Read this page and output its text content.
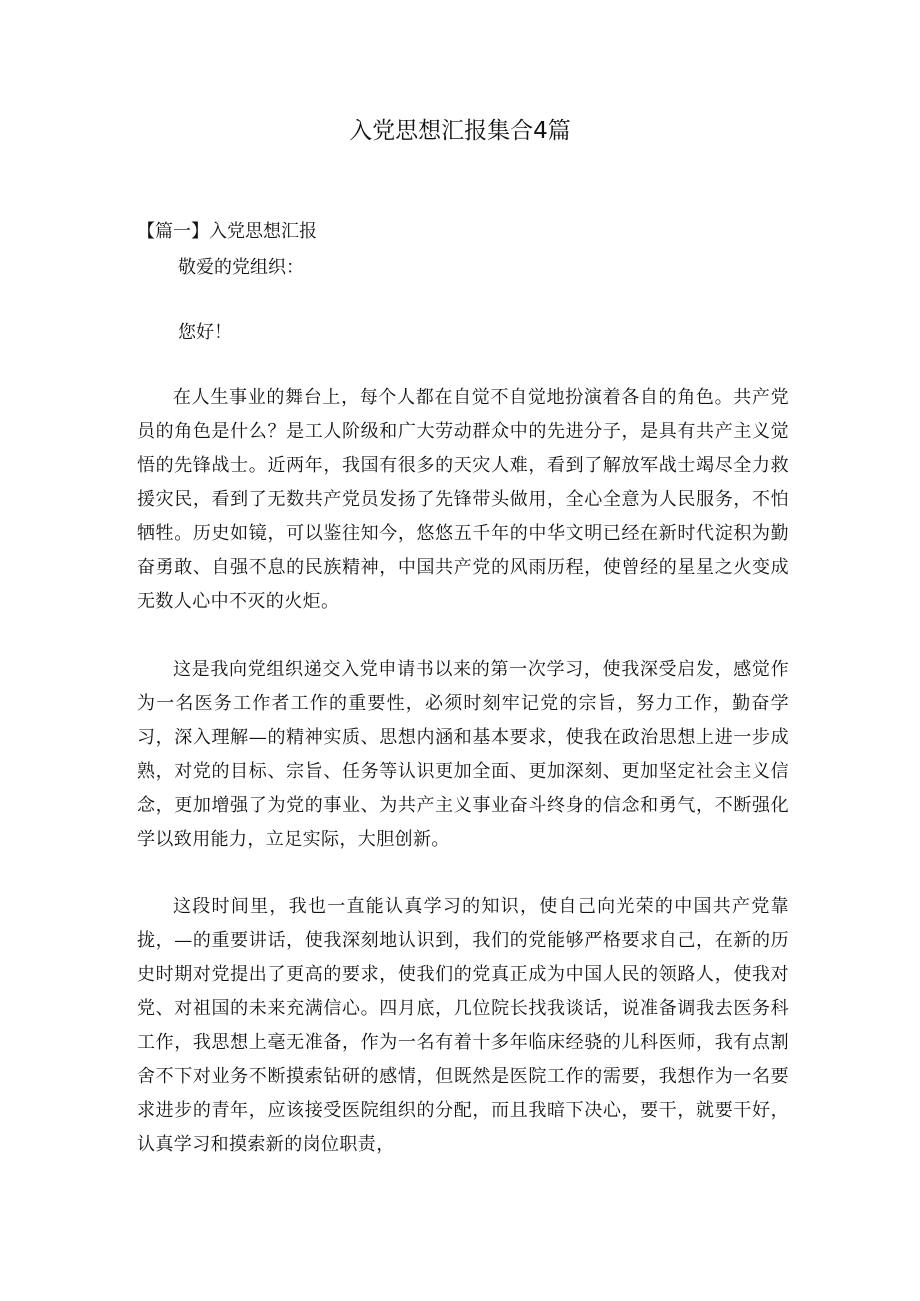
入党思想汇报集合4篇
【篇一】入党思想汇报
敬爱的党组织：
您好！

在人生事业的舞台上，每个人都在自觉不自觉地扮演着各自的角色。共产党员的角色是什么？是工人阶级和广大劳动群众中的先进分子，是具有共产主义觉悟的先锋战士。近两年，我国有很多的天灾人难，看到了解放军战士竭尽全力救援灾民，看到了无数共产党员发扬了先锋带头做用，全心全意为人民服务，不怕牺牲。历史如镜，可以鉴往知今，悠悠五千年的中华文明已经在新时代淀积为勤奋勇敢、自强不息的民族精神，中国共产党的风雨历程，使曾经的星星之火变成无数人心中不灭的火炬。

这是我向党组织递交入党申请书以来的第一次学习，使我深受启发，感觉作为一名医务工作者工作的重要性，必须时刻牢记党的宗旨，努力工作，勤奋学习，深入理解—的精神实质、思想内涵和基本要求，使我在政治思想上进一步成熟，对党的目标、宗旨、任务等认识更加全面、更加深刻、更加坚定社会主义信念，更加增强了为党的事业、为共产主义事业奋斗终身的信念和勇气，不断强化学以致用能力，立足实际，大胆创新。

这段时间里，我也一直能认真学习的知识，使自己向光荣的中国共产党靠拢，—的重要讲话，使我深刻地认识到，我们的党能够严格要求自己，在新的历史时期对党提出了更高的要求，使我们的党真正成为中国人民的领路人，使我对党、对祖国的未来充满信心。四月底，几位院长找我谈话，说准备调我去医务科工作，我思想上毫无准备，作为一名有着十多年临床经骁的儿科医师，我有点割舍不下对业务不断摸索钻研的感情，但既然是医院工作的需要，我想作为一名要求进步的青年，应该接受医院组织的分配，而且我暗下决心，要干，就要干好，认真学习和摸索新的岗位职责，
